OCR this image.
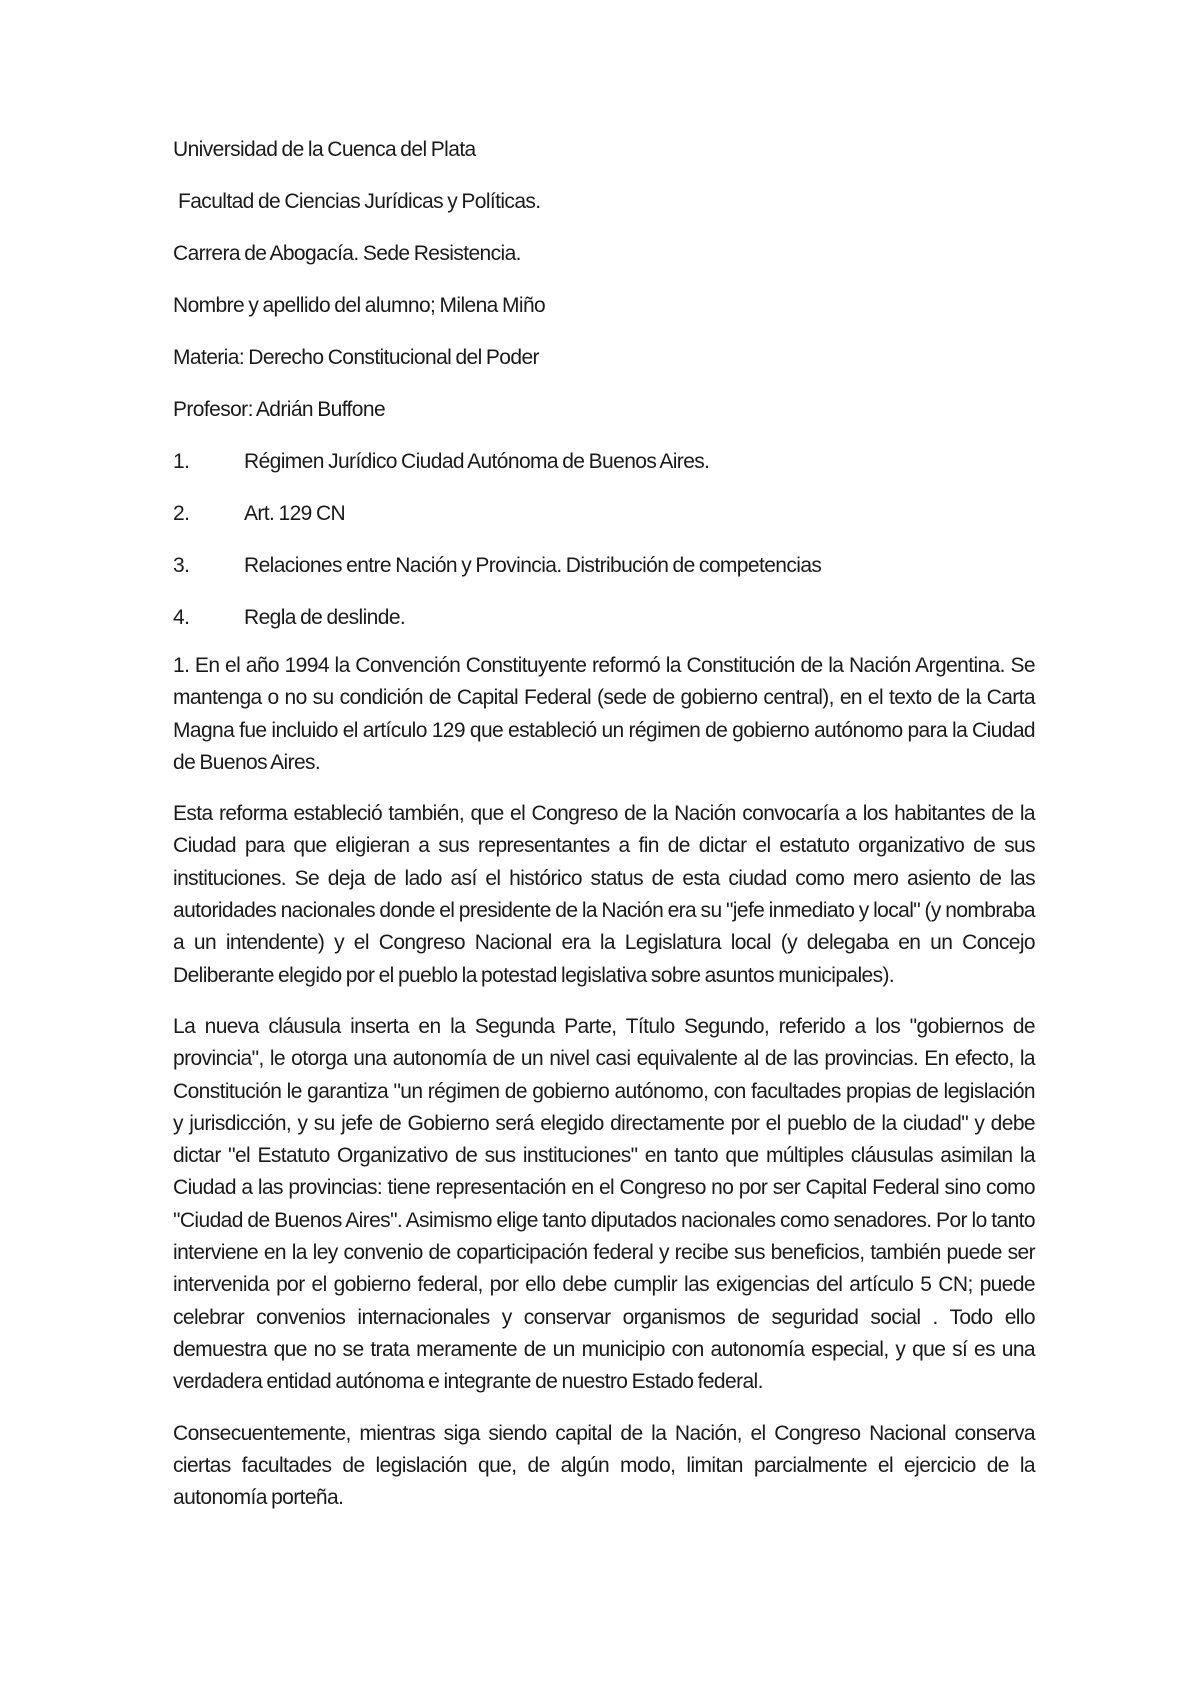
Universidad de la Cuenca del Plata
Facultad de Ciencias Jurídicas y Políticas.
Carrera de Abogacía. Sede Resistencia.
Nombre y apellido del alumno; Milena Miño
Materia: Derecho Constitucional del Poder
Profesor: Adrián Buffone
1.	Régimen Jurídico Ciudad Autónoma de Buenos Aires.
2.	Art. 129 CN
3.	Relaciones entre Nación y Provincia. Distribución de competencias
4.	Regla de deslinde.

1. En el año 1994 la Convención Constituyente reformó la Constitución de la Nación Argentina. Se mantenga o no su condición de Capital Federal (sede de gobierno central), en el texto de la Carta Magna fue incluido el artículo 129 que estableció un régimen de gobierno autónomo para la Ciudad de Buenos Aires.

Esta reforma estableció también, que el Congreso de la Nación convocaría a los habitantes de la Ciudad para que eligieran a sus representantes a fin de dictar el estatuto organizativo de sus instituciones. Se deja de lado así el histórico status de esta ciudad como mero asiento de las autoridades nacionales donde el presidente de la Nación era su "jefe inmediato y local" (y nombraba a un intendente) y el Congreso Nacional era la Legislatura local (y delegaba en un Concejo Deliberante elegido por el pueblo la potestad legislativa sobre asuntos municipales).

La nueva cláusula inserta en la Segunda Parte, Título Segundo, referido a los "gobiernos de provincia", le otorga una autonomía de un nivel casi equivalente al de las provincias. En efecto, la Constitución le garantiza "un régimen de gobierno autónomo, con facultades propias de legislación y jurisdicción, y su jefe de Gobierno será elegido directamente por el pueblo de la ciudad" y debe dictar "el Estatuto Organizativo de sus instituciones" en tanto que múltiples cláusulas asimilan la Ciudad a las provincias: tiene representación en el Congreso no por ser Capital Federal sino como "Ciudad de Buenos Aires". Asimismo elige tanto diputados nacionales como senadores. Por lo tanto interviene en la ley convenio de coparticipación federal y recibe sus beneficios, también puede ser intervenida por el gobierno federal, por ello debe cumplir las exigencias del artículo 5 CN; puede celebrar convenios internacionales y conservar organismos de seguridad social . Todo ello demuestra que no se trata meramente de un municipio con autonomía especial, y que sí es una verdadera entidad autónoma e integrante de nuestro Estado federal.

Consecuentemente, mientras siga siendo capital de la Nación, el Congreso Nacional conserva ciertas facultades de legislación que, de algún modo, limitan parcialmente el ejercicio de la autonomía porteña.
